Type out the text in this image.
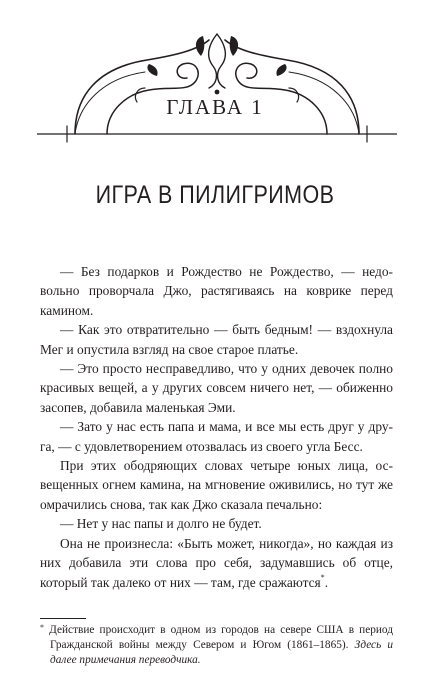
ГЛАВА 1
ИГРА В ПИЛИГРИМОВ

— Без подарков и Рождество не Рождество, — недовольно проворчала Джо, растягиваясь на коврике перед камином.

— Как это отвратительно — быть бедным! — вздохнула Мег и опустила взгляд на свое старое платье.

— Это просто несправедливо, что у одних девочек полно красивых вещей, а у других совсем ничего нет, — обиженно засопев, добавила маленькая Эми.

— Зато у нас есть папа и мама, и все мы есть друг у друга, — с удовлетворением отозвалась из своего угла Бесс.

При этих ободряющих словах четыре юных лица, освещенных огнем камина, на мгновение оживились, но тут же омрачились снова, так как Джо сказала печально:

— Нет у нас папы и долго не будет.

Она не произнесла: «Быть может, никогда», но каждая из них добавила эти слова про себя, задумавшись об отце, который так далеко от них — там, где сражаются*.

* Действие происходит в одном из городов на севере США в период Гражданской войны между Севером и Югом (1861–1865). Здесь и далее примечания переводчика.
